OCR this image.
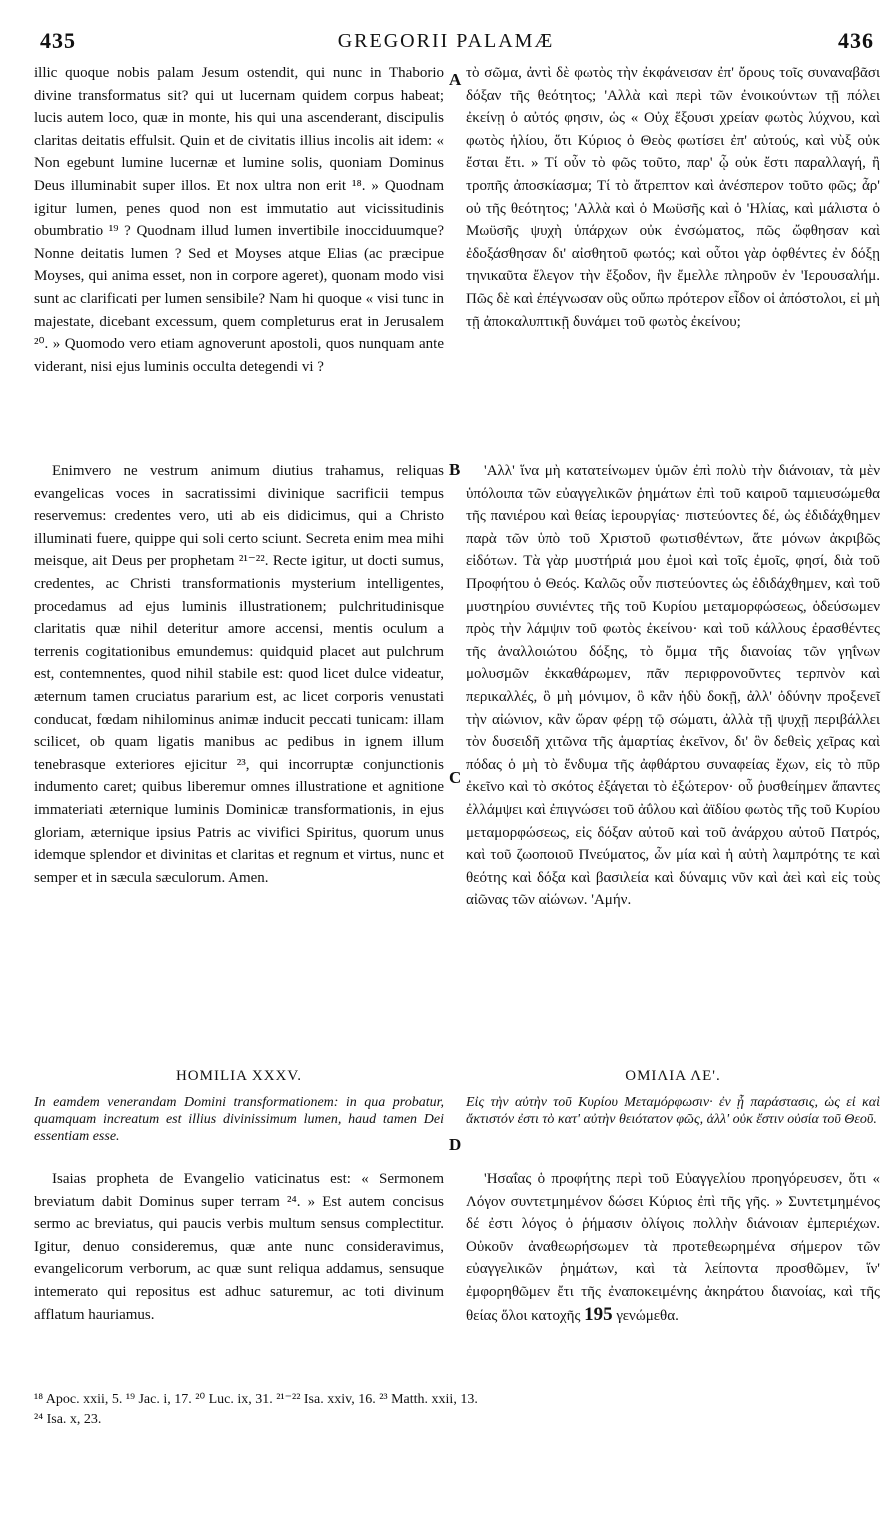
435	GREGORII PALAMÆ	436

illic quoque nobis palam Jesum ostendit, qui nunc in Thaborio divine transformatus sit? qui ut lucernam quidem corpus habeat; lucis autem loco, quæ in monte, his qui una ascenderant, discipulis claritas deitatis effulsit. Quin et de civitatis illius incolis ait idem: « Non egebunt lumine lucernæ et lumine solis, quoniam Dominus Deus illuminabit super illos. Et nox ultra non erit ¹⁸. » Quodnam igitur lumen, penes quod non est immutatio aut vicissitudinis obumbratio ¹⁹ ? Quodnam illud lumen invertibile inocciduumque? Nonne deitatis lumen ? Sed et Moyses atque Elias (ac præcipue Moyses, qui anima esset, non in corpore ageret), quonam modo visi sunt ac clarificati per lumen sensibile? Nam hi quoque « visi tunc in majestate, dicebant excessum, quem completurus erat in Jerusalem ²⁰. » Quomodo vero etiam agnoverunt apostoli, quos nunquam ante viderant, nisi ejus luminis occulta detegendi vi ?

Enimvero ne vestrum animum diutius trahamus, reliquas evangelicas voces in sacratissimi divinique sacrificii tempus reservemus: credentes vero, uti ab eis didicimus, qui a Christo illuminati fuere, quippe qui soli certo sciunt. Secreta enim mea mihi meisque, ait Deus per prophetam ²¹⁻²². Recte igitur, ut docti sumus, credentes, ac Christi transformationis mysterium intelligentes, procedamus ad ejus luminis illustrationem; pulchritudinisque claritatis quæ nihil deteritur amore accensi, mentis oculum a terrenis cogitationibus emundemus: quidquid placet aut pulchrum est, contemnentes, quod nihil stabile est: quod licet dulce videatur, æternum tamen cruciatus pararium est, ac licet corporis venustati conducat, fœdam nihilominus animæ inducit peccati tunicam: illam scilicet, ob quam ligatis manibus ac pedibus in ignem illum tenebrasque exteriores ejicitur ²³, qui incorruptæ conjunctionis indumento caret; quibus liberemur omnes illustratione et agnitione immateriati æternique luminis Dominicæ transformationis, in ejus gloriam, æternique ipsius Patris ac vivifici Spiritus, quorum unus idemque splendor et divinitas et claritas et regnum et virtus, nunc et semper et in sæcula sæculorum. Amen.

HOMILIA XXXV.
In eamdem venerandam Domini transformationem: in qua probatur, quamquam increatum est illius divinissimum lumen, haud tamen Dei essentiam esse.

Isaias propheta de Evangelio vaticinatus est: « Sermonem breviatum dabit Dominus super terram ²⁴. » Est autem concisus sermo ac breviatus, qui paucis verbis multum sensus complectitur. Igitur, denuo consideremus, quæ ante nunc consideravimus, evangelicorum verborum, ac quæ sunt reliqua addamus, sensuque intemerato qui repositus est adhuc saturemur, ac toti divinum afflatum hauriamus.

A
B
C
D

τὸ σῶμα, ἀντὶ δὲ φωτὸς τὴν ἐκφάνεισαν ἐπ' ὄρους τοῖς συναναβᾶσι δόξαν τῆς θεότητος; 'Αλλὰ καὶ περὶ τῶν ἐνοικούντων τῇ πόλει ἐκείνῃ ὁ αὐτός φησιν, ὡς « Οὐχ ἕξουσι χρείαν φωτὸς λύχνου, καὶ φωτὸς ἡλίου, ὅτι Κύριος ὁ Θεὸς φωτίσει ἐπ' αὐτούς, καὶ νὺξ οὐκ ἔσται ἔτι. » Τί οὖν τὸ φῶς τοῦτο, παρ' ᾧ οὐκ ἔστι παραλλαγή, ἢ τροπῆς ἀποσκίασμα; Τί τὸ ἄτρεπτον καὶ ἀνέσπερον τοῦτο φῶς; ἆρ' οὐ τῆς θεότητος; 'Αλλὰ καὶ ὁ Μωϋσῆς καὶ ὁ 'Ηλίας, καὶ μάλιστα ὁ Μωϋσῆς ψυχὴ ὑπάρχων οὐκ ἐνσώματος, πῶς ὤφθησαν καὶ ἐδοξάσθησαν δι' αἰσθητοῦ φωτός; καὶ οὗτοι γὰρ ὀφθέντες ἐν δόξῃ τηνικαῦτα ἔλεγον τὴν ἔξοδον, ἣν ἔμελλε πληροῦν ἐν 'Ιερουσαλήμ. Πῶς δὲ καὶ ἐπέγνωσαν οὓς οὔπω πρότερον εἶδον οἱ ἀπόστολοι, εἰ μὴ τῇ ἀποκαλυπτικῇ δυνάμει τοῦ φωτὸς ἐκείνου;

'Αλλ' ἵνα μὴ κατατείνωμεν ὑμῶν ἐπὶ πολὺ τὴν διάνοιαν, τὰ μὲν ὑπόλοιπα τῶν εὐαγγελικῶν ῥημάτων ἐπὶ τοῦ καιροῦ ταμιευσώμεθα τῆς πανιέρου καὶ θείας ἱερουργίας· πιστεύοντες δέ, ὡς ἐδιδάχθημεν παρὰ τῶν ὑπὸ τοῦ Χριστοῦ φωτισθέντων, ἅτε μόνων ἀκριβῶς εἰδότων. Τὰ γὰρ μυστήριά μου ἐμοὶ καὶ τοῖς ἐμοῖς, φησί, διὰ τοῦ Προφήτου ὁ Θεός. Καλῶς οὖν πιστεύοντες ὡς ἐδιδάχθημεν, καὶ τοῦ μυστηρίου συνιέντες τῆς τοῦ Κυρίου μεταμορφώσεως, ὁδεύσωμεν πρὸς τὴν λάμψιν τοῦ φωτὸς ἐκείνου· καὶ τοῦ κάλλους ἐρασθέντες τῆς ἀναλλοιώτου δόξης, τὸ ὄμμα τῆς διανοίας τῶν γηΐνων μολυσμῶν ἐκκαθάρωμεν, πᾶν περιφρονοῦντες τερπνὸν καὶ περικαλλές, ὃ μὴ μόνιμον, ὃ κἂν ἡδὺ δοκῇ, ἀλλ' ὀδύνην προξενεῖ τὴν αἰώνιον, κἂν ὥραν φέρῃ τῷ σώματι, ἀλλὰ τῇ ψυχῇ περιβάλλει τὸν δυσειδῆ χιτῶνα τῆς ἁμαρτίας ἐκεῖνον, δι' ὃν δεθεὶς χεῖρας καὶ πόδας ὁ μὴ τὸ ἔνδυμα τῆς ἀφθάρτου συναφείας ἔχων, εἰς τὸ πῦρ ἐκεῖνο καὶ τὸ σκότος ἐξάγεται τὸ ἐξώτερον· οὗ ῥυσθείημεν ἅπαντες ἐλλάμψει καὶ ἐπιγνώσει τοῦ ἀΰλου καὶ ἀϊδίου φωτὸς τῆς τοῦ Κυρίου μεταμορφώσεως, εἰς δόξαν αὐτοῦ καὶ τοῦ ἀνάρχου αὐτοῦ Πατρός, καὶ τοῦ ζωοποιοῦ Πνεύματος, ὧν μία καὶ ἡ αὐτὴ λαμπρότης τε καὶ θεότης καὶ δόξα καὶ βασιλεία καὶ δύναμις νῦν καὶ ἀεὶ καὶ εἰς τοὺς αἰῶνας τῶν αἰώνων. 'Αμήν.

ΟΜΙΛΙΑ ΛΕ'.
Εἰς τὴν αὐτὴν τοῦ Κυρίου Μεταμόρφωσιν· ἐν ᾗ παράστασις, ὡς εἰ καὶ ἄκτιστόν ἐστι τὸ κατ' αὐτὴν θειότατον φῶς, ἀλλ' οὐκ ἔστιν οὐσία τοῦ Θεοῦ.

'Ησαΐας ὁ προφήτης περὶ τοῦ Εὐαγγελίου προηγόρευσεν, ὅτι « Λόγον συντετμημένον δώσει Κύριος ἐπὶ τῆς γῆς. » Συντετμημένος δέ ἐστι λόγος ὁ ῥήμασιν ὀλίγοις πολλὴν διάνοιαν ἐμπεριέχων. Οὐκοῦν ἀναθεωρήσωμεν τὰ προτεθεωρημένα σήμερον τῶν εὐαγγελικῶν ῥημάτων, καὶ τὰ λείποντα προσθῶμεν, ἵν' ἐμφορηθῶμεν ἔτι τῆς ἐναποκειμένης ἀκηράτου διανοίας, καὶ τῆς θείας ὅλοι κατοχῆς 195 γενώμεθα.

¹⁸ Apoc. xxii, 5. ¹⁹ Jac. i, 17. ²⁰ Luc. ix, 31. ²¹⁻²² Isa. xxiv, 16. ²³ Matth. xxii, 13.

²⁴ Isa. x, 23.
